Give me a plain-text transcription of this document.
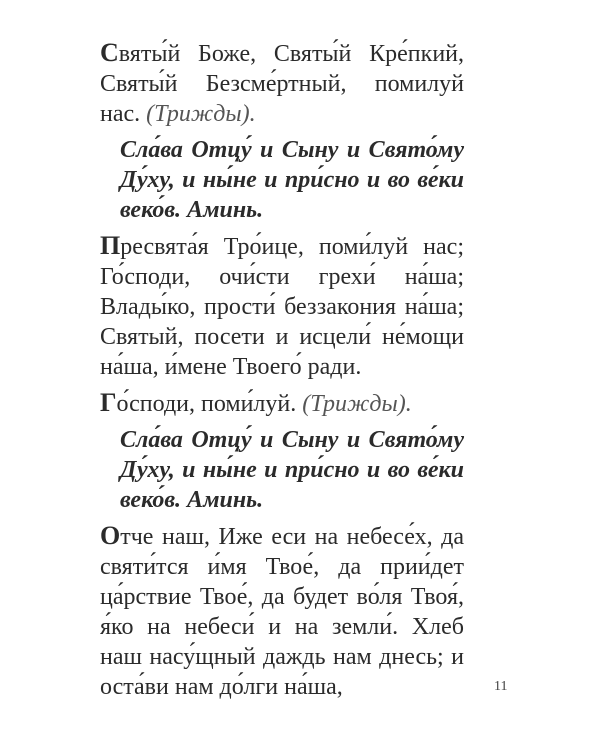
Святы́й Боже, Святы́й Кре́пкий, Святы́й Безсме́ртный, помилуй нас. (Трижды).

Сла́ва Отцу́ и Сыну и Свято́му Ду́ху, и ны́не и при́сно и во ве́ки веко́в. Аминь.

Пресвята́я Тро́ице, поми́луй нас; Го́споди, очи́сти грехи́ на́ша; Влады́ко, прости́ беззакония на́ша; Святый, посети и исцели́ не́мощи на́ша, и́мене Твоего́ ради.

Го́споди, поми́луй. (Трижды).

Сла́ва Отцу́ и Сыну и Свято́му Ду́ху, и ны́не и при́сно и во ве́ки веко́в. Аминь.

Отче наш, Иже еси на небесе́х, да святи́тся и́мя Твое́, да прии́дет ца́рствие Твое́, да будет во́ля Твоя́, я́ко на небеси́ и на земли́. Хлеб наш насу́щный даждь нам днесь; и оста́ви нам до́лги на́ша,	11
